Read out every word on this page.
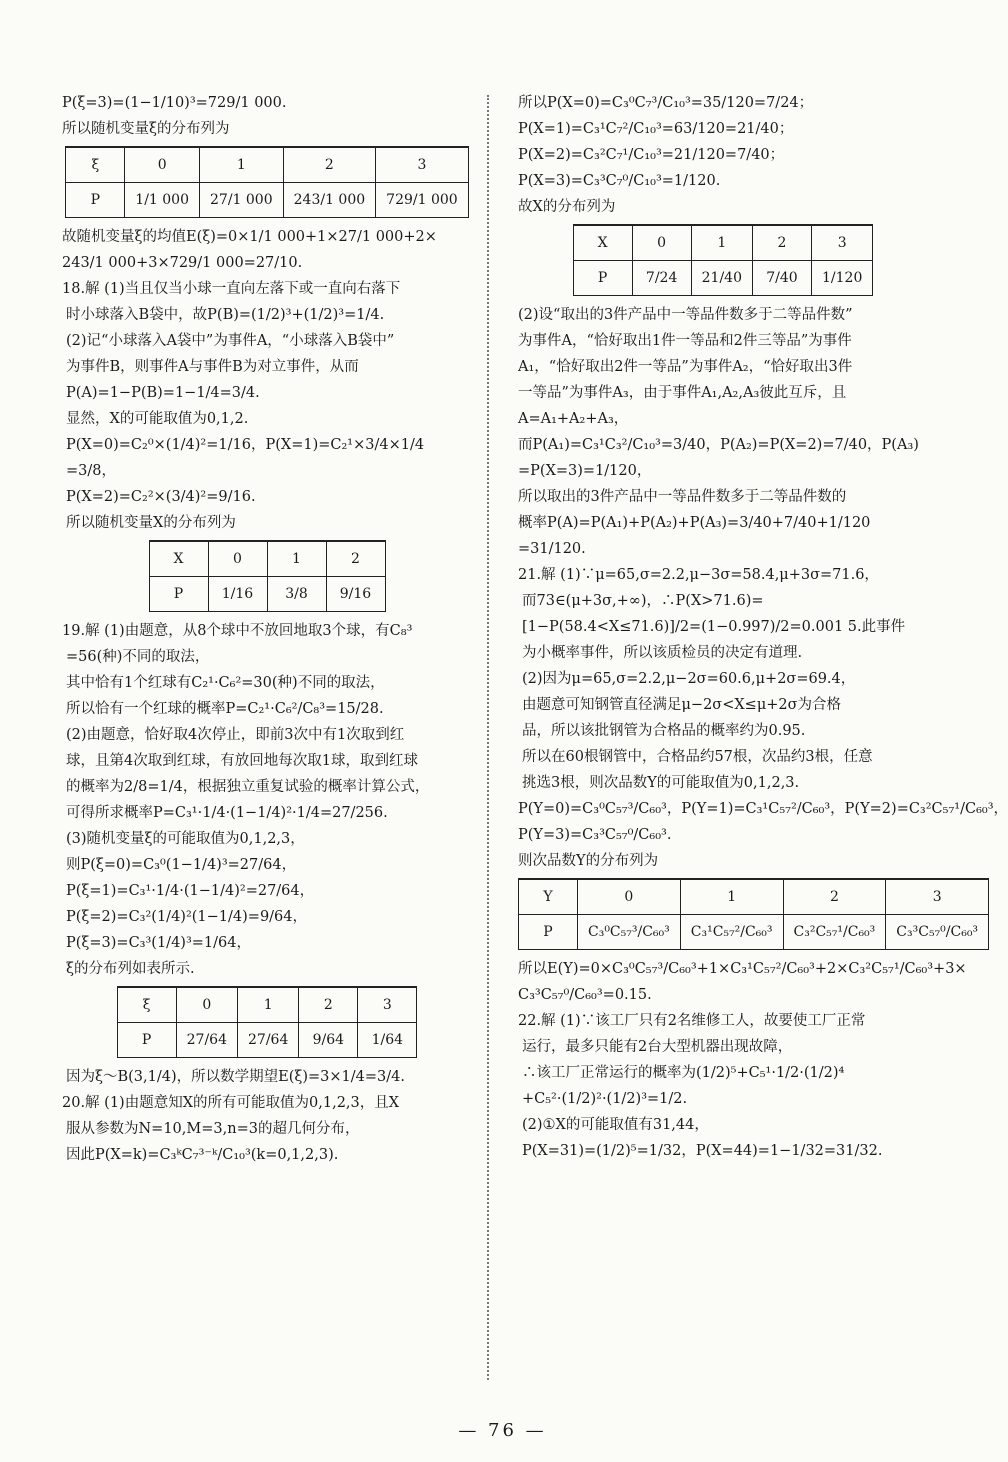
P(ξ=3)=(1−1/10)³=729/1 000.
所以随机变量ξ的分布列为
ξ	0	1	2	3
P	1/1 000	27/1 000	243/1 000	729/1 000
故随机变量ξ的均值E(ξ)=0×1/1 000+1×27/1 000+2×
243/1 000+3×729/1 000=27/10.
18.解 (1)当且仅当小球一直向左落下或一直向右落下
时小球落入B袋中，故P(B)=(1/2)³+(1/2)³=1/4.
(2)记“小球落入A袋中”为事件A，“小球落入B袋中”
为事件B，则事件A与事件B为对立事件，从而
P(A)=1−P(B)=1−1/4=3/4.
显然，X的可能取值为0,1,2.
P(X=0)=C₂⁰×(1/4)²=1/16，P(X=1)=C₂¹×3/4×1/4
=3/8，
P(X=2)=C₂²×(3/4)²=9/16.
所以随机变量X的分布列为
X	0	1	2
P	1/16	3/8	9/16
19.解 (1)由题意，从8个球中不放回地取3个球，有C₈³
=56(种)不同的取法，
其中恰有1个红球有C₂¹·C₆²=30(种)不同的取法，
所以恰有一个红球的概率P=C₂¹·C₆²/C₈³=15/28.
(2)由题意，恰好取4次停止，即前3次中有1次取到红
球，且第4次取到红球，有放回地每次取1球，取到红球
的概率为2/8=1/4，根据独立重复试验的概率计算公式，
可得所求概率P=C₃¹·1/4·(1−1/4)²·1/4=27/256.
(3)随机变量ξ的可能取值为0,1,2,3，
则P(ξ=0)=C₃⁰(1−1/4)³=27/64，
P(ξ=1)=C₃¹·1/4·(1−1/4)²=27/64，
P(ξ=2)=C₃²(1/4)²(1−1/4)=9/64，
P(ξ=3)=C₃³(1/4)³=1/64，
ξ的分布列如表所示.
ξ	0	1	2	3
P	27/64	27/64	9/64	1/64
因为ξ～B(3,1/4)，所以数学期望E(ξ)=3×1/4=3/4.
20.解 (1)由题意知X的所有可能取值为0,1,2,3，且X
服从参数为N=10,M=3,n=3的超几何分布，
因此P(X=k)=C₃ᵏC₇³⁻ᵏ/C₁₀³(k=0,1,2,3).
所以P(X=0)=C₃⁰C₇³/C₁₀³=35/120=7/24；
P(X=1)=C₃¹C₇²/C₁₀³=63/120=21/40；
P(X=2)=C₃²C₇¹/C₁₀³=21/120=7/40；
P(X=3)=C₃³C₇⁰/C₁₀³=1/120.
故X的分布列为
X	0	1	2	3
P	7/24	21/40	7/40	1/120
(2)设“取出的3件产品中一等品件数多于二等品件数”
为事件A，“恰好取出1件一等品和2件三等品”为事件
A₁，“恰好取出2件一等品”为事件A₂，“恰好取出3件
一等品”为事件A₃，由于事件A₁,A₂,A₃彼此互斥，且
A=A₁+A₂+A₃，
而P(A₁)=C₃¹C₃²/C₁₀³=3/40，P(A₂)=P(X=2)=7/40，P(A₃)
=P(X=3)=1/120，
所以取出的3件产品中一等品件数多于二等品件数的
概率P(A)=P(A₁)+P(A₂)+P(A₃)=3/40+7/40+1/120
=31/120.
21.解 (1)∵μ=65,σ=2.2,μ−3σ=58.4,μ+3σ=71.6，
而73∈(μ+3σ,+∞)，∴P(X>71.6)=
[1−P(58.4<X≤71.6)]/2=(1−0.997)/2=0.001 5.此事件
为小概率事件，所以该质检员的决定有道理.
(2)因为μ=65,σ=2.2,μ−2σ=60.6,μ+2σ=69.4，
由题意可知钢管直径满足μ−2σ<X≤μ+2σ为合格
品，所以该批钢管为合格品的概率约为0.95.
所以在60根钢管中，合格品约57根，次品约3根，任意
挑选3根，则次品数Y的可能取值为0,1,2,3.
P(Y=0)=C₃⁰C₅₇³/C₆₀³，P(Y=1)=C₃¹C₅₇²/C₆₀³，P(Y=2)=C₃²C₅₇¹/C₆₀³，
P(Y=3)=C₃³C₅₇⁰/C₆₀³.
则次品数Y的分布列为
Y	0	1	2	3
P	C₃⁰C₅₇³/C₆₀³	C₃¹C₅₇²/C₆₀³	C₃²C₅₇¹/C₆₀³	C₃³C₅₇⁰/C₆₀³
所以E(Y)=0×C₃⁰C₅₇³/C₆₀³+1×C₃¹C₅₇²/C₆₀³+2×C₃²C₅₇¹/C₆₀³+3×
C₃³C₅₇⁰/C₆₀³=0.15.
22.解 (1)∵该工厂只有2名维修工人，故要使工厂正常
运行，最多只能有2台大型机器出现故障，
∴该工厂正常运行的概率为(1/2)⁵+C₅¹·1/2·(1/2)⁴
+C₅²·(1/2)²·(1/2)³=1/2.
(2)①X的可能取值有31,44，
P(X=31)=(1/2)⁵=1/32，P(X=44)=1−1/32=31/32.
— 76 —
